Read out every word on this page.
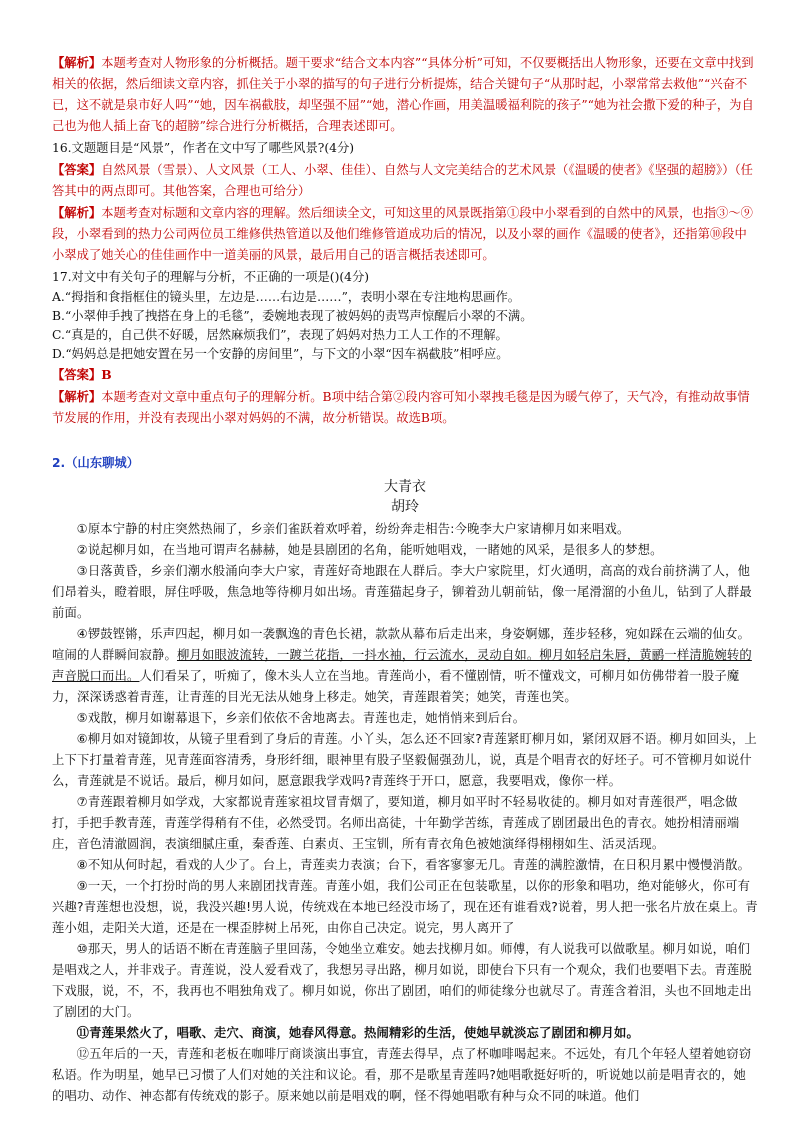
【解析】本题考查对人物形象的分析概括。题干要求“结合文本内容”“具体分析”可知，不仅要概括出人物形象，还要在文章中找到相关的依据，然后细读文章内容，抓住关于小翠的描写的句子进行分析提炼，结合关键句子“从那时起，小翠常常去救他”“兴奋不已，这不就是泉市好人吗”“她，因车祸截肢，却坚强不屈”“她，潜心作画，用美温暖福利院的孩子”“她为社会撒下爱的种子，为自己也为他人插上奋飞的超膀”综合进行分析概括，合理表述即可。

16.文题题目是“风景”，作者在文中写了哪些风景?(4分)

【答案】自然风景（雪景）、人文风景（工人、小翠、佳佳）、自然与人文完美结合的艺术风景（《温暖的使者》《坚强的超膀》）（任答其中的两点即可。其他答案，合理也可给分）

【解析】本题考查对标题和文章内容的理解。然后细读全文，可知这里的风景既指第①段中小翠看到的自然中的风景，也指③～⑨段，小翠看到的热力公司两位员工维修供热管道以及他们维修管道成功后的情况，以及小翠的画作《温暖的使者》，还指第⑩段中小翠成了她关心的佳佳画作中一道美丽的风景，最后用自己的语言概括表述即可。

17.对文中有关句子的理解与分析，不正确的一项是()(4分)

A.“拇指和食指框住的镜头里，左边是……右边是……”，表明小翠在专注地构思画作。

B.“小翠伸手拽了拽搭在身上的毛毯”，委婉地表现了被妈妈的责骂声惊醒后小翠的不满。

C.“真是的，自己供不好暖，居然麻烦我们”，表现了妈妈对热力工人工作的不理解。

D.“妈妈总是把她安置在另一个安静的房间里”，与下文的小翠“因车祸截肢”相呼应。

【答案】B

【解析】本题考查对文章中重点句子的理解分析。B项中结合第②段内容可知小翠拽毛毯是因为暖气停了，天气冷，有推动故事情节发展的作用，并没有表现出小翠对妈妈的不满，故分析错误。故选B项。

2.（山东聊城）
大青衣
胡玲

①原本宁静的村庄突然热闹了，乡亲们雀跃着欢呼着，纷纷奔走相告:今晚李大户家请柳月如来唱戏。

②说起柳月如，在当地可谓声名赫赫，她是县剧团的名角，能听她唱戏，一睹她的风采，是很多人的梦想。

③日落黄昏，乡亲们潮水般涌向李大户家，青莲好奇地跟在人群后。李大户家院里，灯火通明，高高的戏台前挤满了人，他们昂着头，瞪着眼，屏住呼吸，焦急地等待柳月如出场。青莲猫起身子，铆着劲儿朝前钻，像一尾滑溜的小鱼儿，钻到了人群最前面。

④锣鼓铿锵，乐声四起，柳月如一袭飘逸的青色长裙，款款从幕布后走出来，身姿婀娜，莲步轻移，宛如踩在云端的仙女。喧闹的人群瞬间寂静。柳月如眼波流转，一踱兰花指，一抖水袖，行云流水，灵动自如。柳月如轻启朱唇，黄鹂一样清脆婉转的声音脱口而出。人们看呆了，听痴了，像木头人立在当地。青莲尚小，看不懂剧情，听不懂戏文，可柳月如仿佛带着一股子魔力，深深诱惑着青莲，让青莲的目光无法从她身上移走。她笑，青莲跟着笑；她笑，青莲也笑。

⑤戏散，柳月如谢幕退下，乡亲们依依不舍地离去。青莲也走，她悄悄来到后台。

⑥柳月如对镜卸妆，从镜子里看到了身后的青莲。小丫头，怎么还不回家?青莲紧盯柳月如，紧闭双唇不语。柳月如回头，上上下下打量着青莲，见青莲面容清秀，身形纤细，眼神里有股子坚毅倔强劲儿，说，真是个唱青衣的好坯子。可不管柳月如说什么，青莲就是不说话。最后，柳月如问，愿意跟我学戏吗?青莲终于开口，愿意，我要唱戏，像你一样。

⑦青莲跟着柳月如学戏，大家都说青莲家祖坟冒青烟了，要知道，柳月如平时不轻易收徒的。柳月如对青莲很严，唱念做打，手把手教青莲，青莲学得稍有不佳，必然受罚。名师出高徒，十年勤学苦练，青莲成了剧团最出色的青衣。她扮相清丽端庄，音色清澈圆润，表演细腻庄重，秦香莲、白素贞、王宝钏，所有青衣角色被她演绎得栩栩如生、活灵活现。

⑧不知从何时起，看戏的人少了。台上，青莲卖力表演；台下，看客寥寥无几。青莲的满腔激情，在日积月累中慢慢消散。

⑨一天，一个打扮时尚的男人来剧团找青莲。青莲小姐，我们公司正在包装歌星，以你的形象和唱功，绝对能够火，你可有兴趣?青莲想也没想，说，我没兴趣!男人说，传统戏在本地已经没市场了，现在还有谁看戏?说着，男人把一张名片放在桌上。青莲小姐，走阳关大道，还是在一棵歪脖树上吊死，由你自己决定。说完，男人离开了

⑩那天，男人的话语不断在青莲脑子里回荡，令她坐立难安。她去找柳月如。师傅，有人说我可以做歌星。柳月如说，咱们是唱戏之人，并非戏子。青莲说，没人爱看戏了，我想另寻出路，柳月如说，即使台下只有一个观众，我们也要唱下去。青莲脱下戏服，说，不，不，我再也不唱独角戏了。柳月如说，你出了剧团，咱们的师徒缘分也就尽了。青莲含着泪，头也不回地走出了剧团的大门。

⑪青莲果然火了，唱歌、走穴、商演，她春风得意。热闹精彩的生活，使她早就淡忘了剧团和柳月如。

⑫五年后的一天，青莲和老板在咖啡厅商谈演出事宜，青莲去得早，点了杯咖啡喝起来。不远处，有几个年轻人望着她窃窃私语。作为明星，她早已习惯了人们对她的关注和议论。看，那不是歌星青莲吗?她唱歌挺好听的，听说她以前是唱青衣的，她的唱功、动作、神态都有传统戏的影子。原来她以前是唱戏的啊，怪不得她唱歌有种与众不同的味道。他们
